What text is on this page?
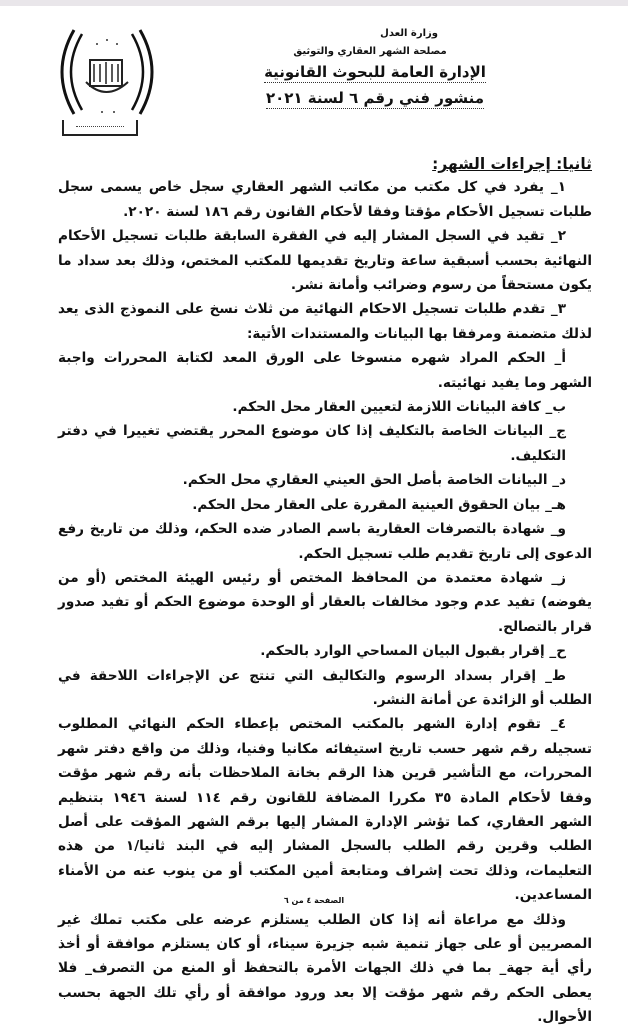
وزارة العدل
مصلحة الشهر العقاري والتوثيق
الإدارة العامة للبحوث القانونية
منشور فني رقم ٦ لسنة ٢٠٢١
ثانيا: إجراءات الشهر:

١_ يفرد في كل مكتب من مكاتب الشهر العقاري سجل خاص يسمى سجل طلبات تسجيل الأحكام مؤقتا وفقا لأحكام القانون رقم ١٨٦ لسنة ٢٠٢٠.

٢_ تقيد في السجل المشار إليه في الفقرة السابقة طلبات تسجيل الأحكام النهائية بحسب أسبقية ساعة وتاريخ تقديمها للمكتب المختص، وذلك بعد سداد ما يكون مستحقاً من رسوم وضرائب وأمانة نشر.

٣_ تقدم طلبات تسجيل الاحكام النهائية من ثلاث نسخ على النموذج الذى يعد لذلك متضمنة ومرفقا بها البيانات والمستندات الأتية:

أ_ الحكم المراد شهره منسوخا على الورق المعد لكتابة المحررات واجبة الشهر وما يفيد نهائيته.

ب_ كافة البيانات اللازمة لتعيين العقار محل الحكم.

ج_ البيانات الخاصة بالتكليف إذا كان موضوع المحرر يقتضي تغييرا في دفتر التكليف.

د_ البيانات الخاصة بأصل الحق العيني العقاري محل الحكم.

هـ_ بيان الحقوق العينية المقررة على العقار محل الحكم.

و_ شهادة بالتصرفات العقارية باسم الصادر ضده الحكم، وذلك من تاريخ رفع الدعوى إلى تاريخ تقديم طلب تسجيل الحكم.

ز_ شهادة معتمدة من المحافظ المختص أو رئيس الهيئة المختص (أو من يفوضه) تفيد عدم وجود مخالفات بالعقار أو الوحدة موضوع الحكم أو تفيد صدور قرار بالتصالح.

ح_ إقرار بقبول البيان المساحي الوارد بالحكم.

ط_ إقرار بسداد الرسوم والتكاليف التي تنتج عن الإجراءات اللاحقة في الطلب أو الزائدة عن أمانة النشر.

٤_ تقوم إدارة الشهر بالمكتب المختص بإعطاء الحكم النهائي المطلوب تسجيله رقم شهر حسب تاريخ استيفائه مكانيا وفنيا، وذلك من واقع دفتر شهر المحررات، مع التأشير قرين هذا الرقم بخانة الملاحظات بأنه رقم شهر مؤقت وفقا لأحكام المادة ٣٥ مكررا المضافة للقانون رقم ١١٤ لسنة ١٩٤٦ بتنظيم الشهر العقاري، كما تؤشر الإدارة المشار إليها برقم الشهر المؤقت على أصل الطلب وقرين رقم الطلب بالسجل المشار إليه في البند ثانيا/١ من هذه التعليمات، وذلك تحت إشراف ومتابعة أمين المكتب أو من ينوب عنه من الأمناء المساعدين.

وذلك مع مراعاة أنه إذا كان الطلب يستلزم عرضه على مكتب تملك غير المصريين أو على جهاز تنمية شبه جزيرة سيناء، أو كان يستلزم موافقة أو أخذ رأي أية جهة_ بما في ذلك الجهات الأمرة بالتحفظ أو المنع من التصرف_ فلا يعطى الحكم رقم شهر مؤقت إلا بعد ورود موافقة أو رأي تلك الجهة بحسب الأحوال.

الصفحة ٤ من ٦
